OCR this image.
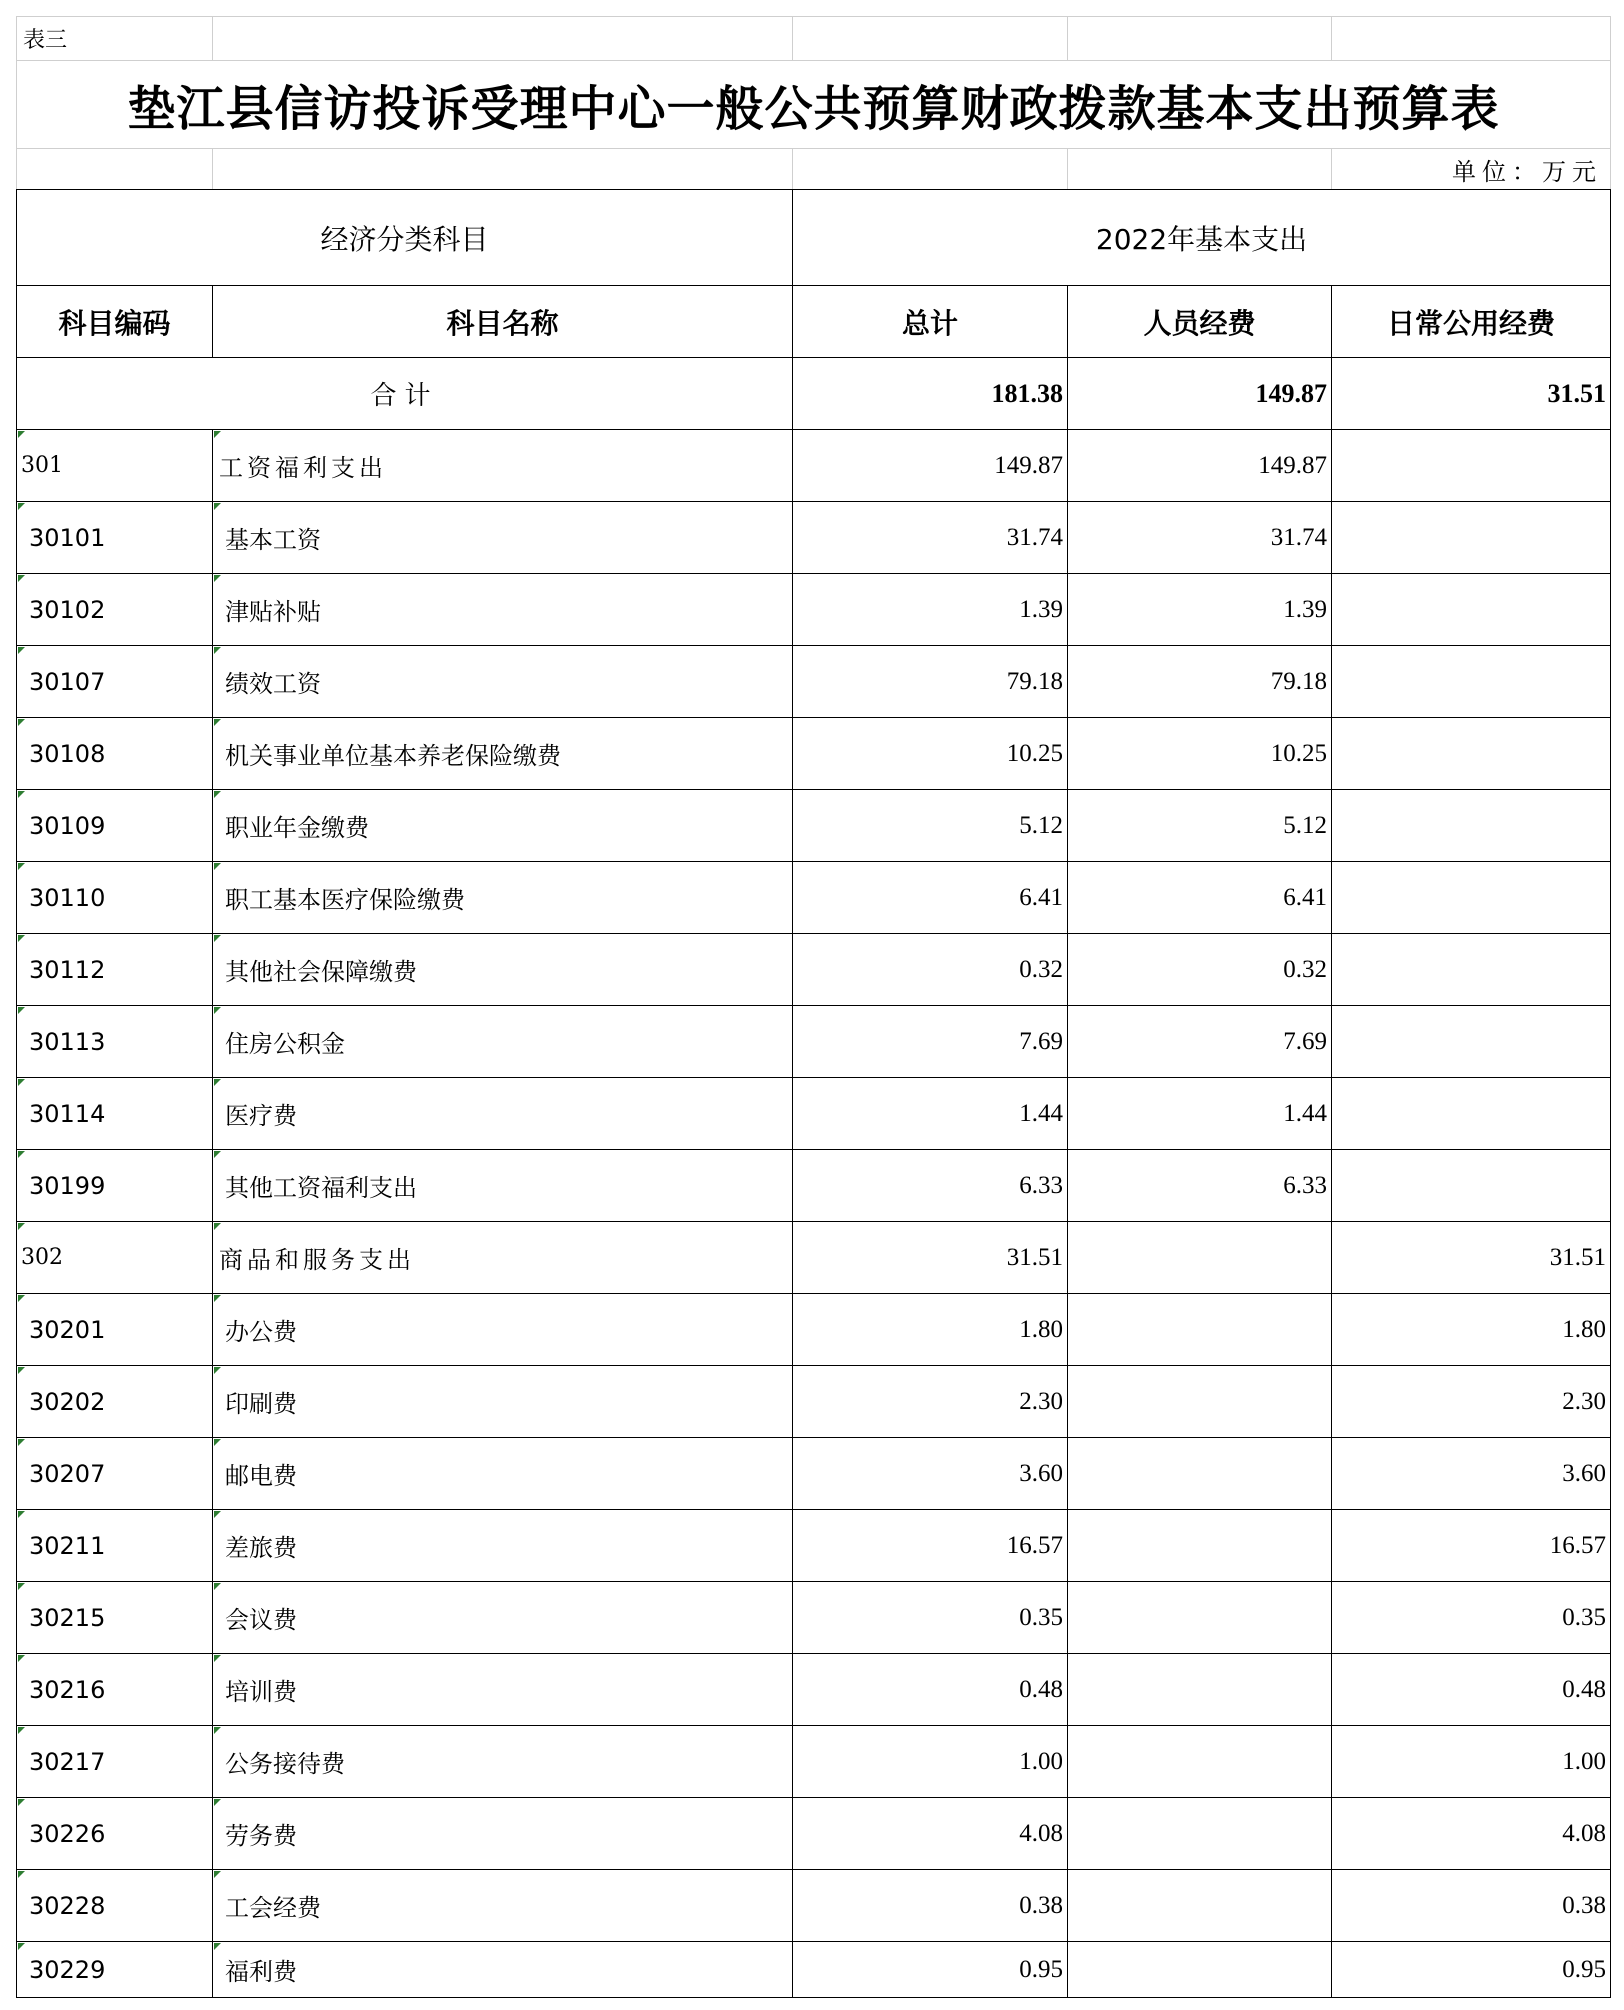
表三				
垫江县信访投诉受理中心一般公共预算财政拨款基本支出预算表				
				单位：万元
经济分类科目		2022年基本支出		
科目编码	科目名称	总计	人员经费	日常公用经费
合计		181.38	149.87	31.51

301	工资福利支出	149.87	149.87	

30101	基本工资	31.74	31.74	

30102	津贴补贴	1.39	1.39	

30107	绩效工资	79.18	79.18	

30108	机关事业单位基本养老保险缴费	10.25	10.25	

30109	职业年金缴费	5.12	5.12	

30110	职工基本医疗保险缴费	6.41	6.41	

30112	其他社会保障缴费	0.32	0.32	

30113	住房公积金	7.69	7.69	

30114	医疗费	1.44	1.44	

30199	其他工资福利支出	6.33	6.33	

302	商品和服务支出	31.51		31.51

30201	办公费	1.80		1.80

30202	印刷费	2.30		2.30

30207	邮电费	3.60		3.60

30211	差旅费	16.57		16.57

30215	会议费	0.35		0.35

30216	培训费	0.48		0.48

30217	公务接待费	1.00		1.00

30226	劳务费	4.08		4.08

30228	工会经费	0.38		0.38

30229	福利费	0.95		0.95
